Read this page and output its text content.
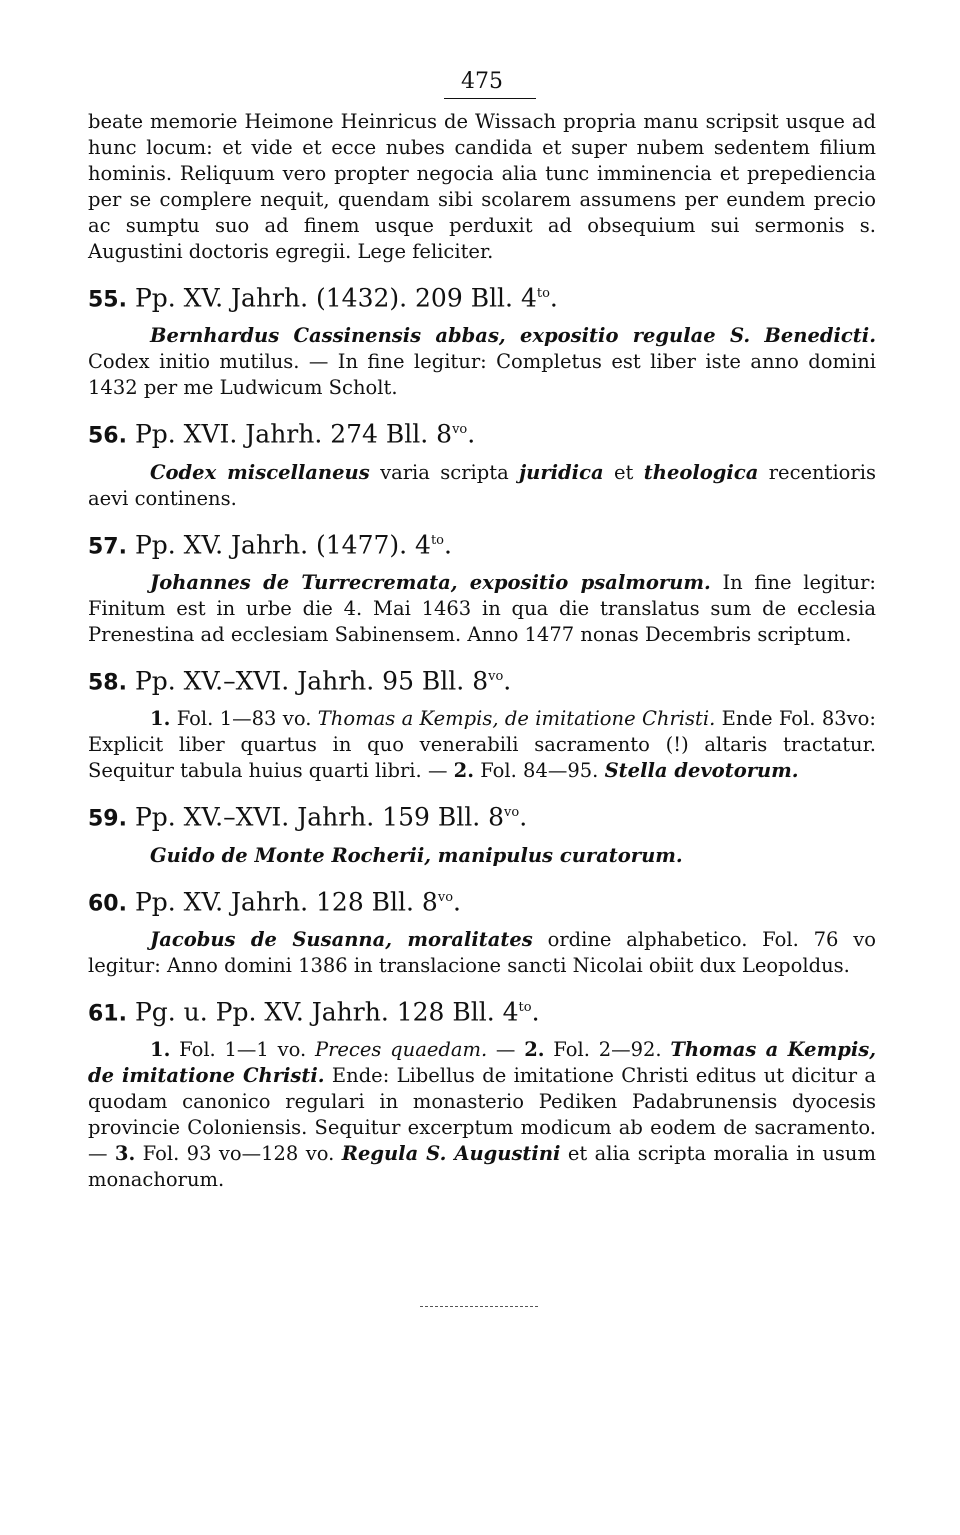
475

beate memorie Heimone Heinricus de Wissach propria manu scripsit usque ad hunc locum: et vide et ecce nubes candida et super nubem sedentem filium hominis. Reliquum vero propter negocia alia tunc imminencia et prepediencia per se complere nequit, quendam sibi scolarem assumens per eundem precio ac sumptu suo ad finem usque perduxit ad obsequium sui sermonis s. Augustini doctoris egregii. Lege feliciter.

55. Pp. XV. Jahrh. (1432). 209 Bll. $4^{to}$.

Bernhardus Cassinensis abbas, expositio regulae S. Benedicti. Codex initio mutilus. — In fine legitur: Completus est liber iste anno domini 1432 per me Ludwicum Scholt.

56. Pp. XVI. Jahrh. 274 Bll. $8^{vo}$.

Codex miscellaneus varia scripta juridica et theologica recentioris aevi continens.

57. Pp. XV. Jahrh. (1477). $4^{to}$.

Johannes de Turrecremata, expositio psalmorum. In fine legitur: Finitum est in urbe die 4. Mai 1463 in qua die translatus sum de ecclesia Prenestina ad ecclesiam Sabinensem. Anno 1477 nonas Decembris scriptum.

58. Pp. XV.–XVI. Jahrh. 95 Bll. $8^{vo}$.

1. Fol. 1—83 vo. Thomas a Kempis, de imitatione Christi. Ende Fol. 83vo: Explicit liber quartus in quo venerabili sacramento (!) altaris tractatur. Sequitur tabula huius quarti libri. — 2. Fol. 84—95. Stella devotorum.

59. Pp. XV.–XVI. Jahrh. 159 Bll. $8^{vo}$.

Guido de Monte Rocherii, manipulus curatorum.

60. Pp. XV. Jahrh. 128 Bll. $8^{vo}$.

Jacobus de Susanna, moralitates ordine alphabetico. Fol. 76 vo legitur: Anno domini 1386 in translacione sancti Nicolai obiit dux Leopoldus.

61. Pg. u. Pp. XV. Jahrh. 128 Bll. $4^{to}$.

1. Fol. 1—1 vo. Preces quaedam. — 2. Fol. 2—92. Thomas a Kempis, de imitatione Christi. Ende: Libellus de imitatione Christi editus ut dicitur a quodam canonico regulari in monasterio Pediken Padabrunensis dyocesis provincie Coloniensis. Sequitur excerptum modicum ab eodem de sacramento. — 3. Fol. 93 vo—128 vo. Regula S. Augustini et alia scripta moralia in usum monachorum.
